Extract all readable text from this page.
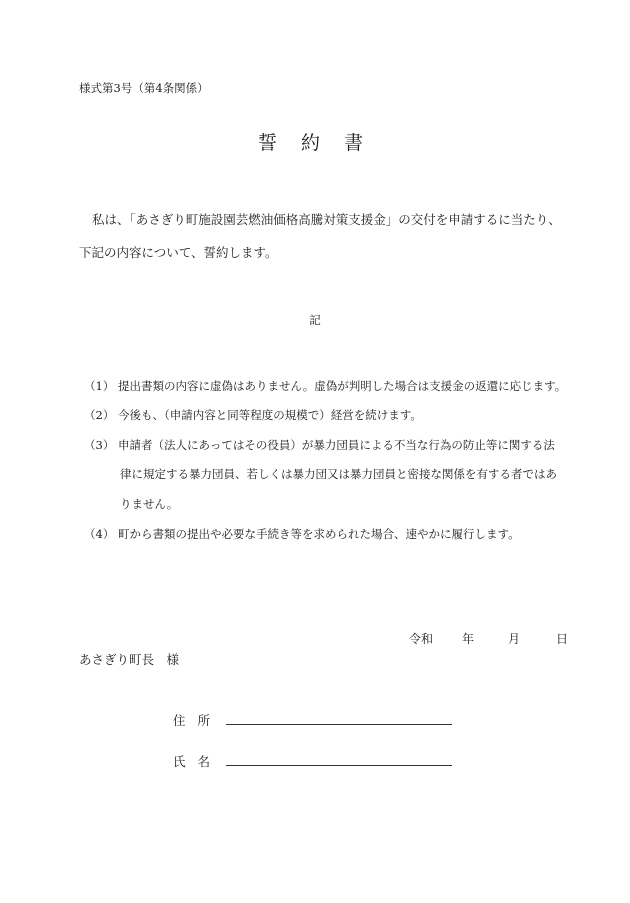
様式第3号（第4条関係）
誓 約 書
私は、「あさぎり町施設園芸燃油価格高騰対策支援金」の交付を申請するに当たり、下記の内容について、誓約します。
記
（1） 提出書類の内容に虚偽はありません。虚偽が判明した場合は支援金の返還に応じます。
（2） 今後も、（申請内容と同等程度の規模で）経営を続けます。
（3） 申請者（法人にあってはその役員）が暴力団員による不当な行為の防止等に関する法
律に規定する暴力団員、若しくは暴力団又は暴力団員と密接な関係を有する者ではあ
りません。
（4） 町から書類の提出や必要な手続き等を求められた場合、速やかに履行します。
令和 年	月	日
あさぎり町長　様
住 所
氏 名
